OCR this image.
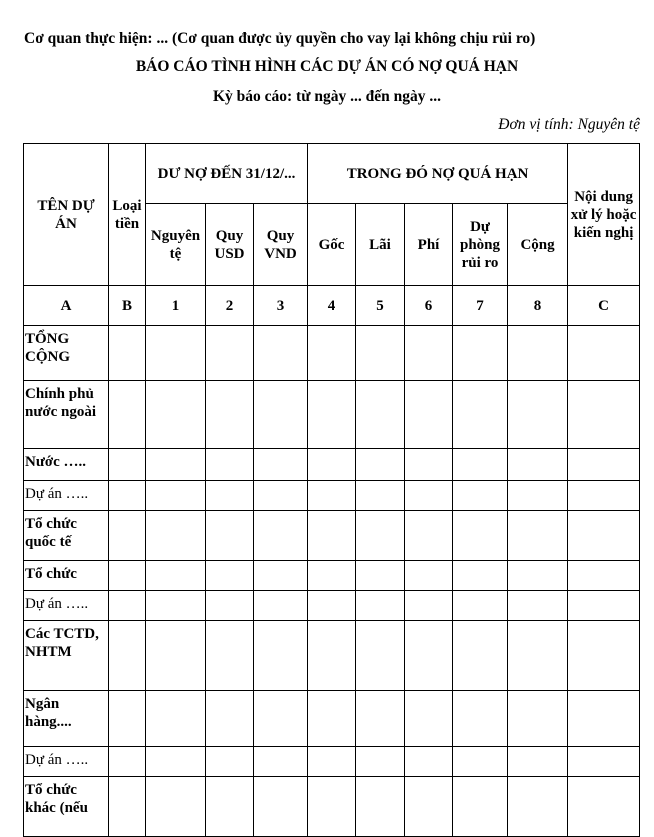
Cơ quan thực hiện: ... (Cơ quan được ủy quyền cho vay lại không chịu rủi ro)
BÁO CÁO TÌNH HÌNH CÁC DỰ ÁN CÓ NỢ QUÁ HẠN
Kỳ báo cáo: từ ngày ... đến ngày ...
Đơn vị tính: Nguyên tệ
TÊN DỰ ÁN	Loại tiền	DƯ NỢ ĐẾN 31/12/...			TRONG ĐÓ NỢ QUÁ HẠN					Nội dung xử lý hoặc kiến nghị
		Nguyên tệ	Quy USD	Quy VND	Gốc	Lãi	Phí	Dự phòng rủi ro	Cộng	
A	B	1	2	3	4	5	6	7	8	C
TỔNG CỘNG										
Chính phủ nước ngoài										
Nước …..										
Dự án …..										
Tổ chức quốc tế										
Tổ chức										
Dự án …..										
Các TCTD, NHTM										
Ngân hàng....										
Dự án …..										
Tổ chức khác (nếu										
